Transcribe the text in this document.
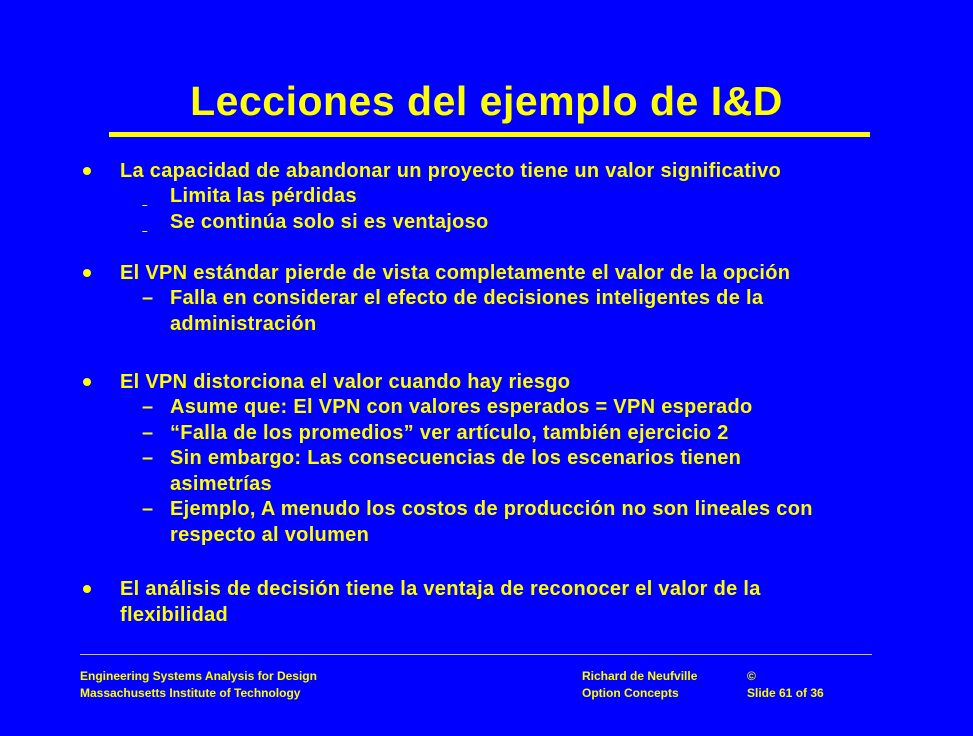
Lecciones del ejemplo de I&D
La capacidad de abandonar un proyecto tiene un valor significativo
– Limita las pérdidas
– Se continúa solo si es ventajoso
El VPN estándar pierde de vista completamente el valor de la opción
– Falla en considerar el efecto de decisiones inteligentes de la
administración
El VPN distorciona el valor cuando hay riesgo
– Asume que: El VPN con valores esperados = VPN esperado
– “Falla de los promedios” ver artículo, también ejercicio 2
– Sin embargo: Las consecuencias de los escenarios tienen
asimetrías
– Ejemplo, A menudo los costos de producción no son lineales con
respecto al volumen
El análisis de decisión tiene la ventaja de reconocer el valor de la
flexibilidad
Engineering Systems Analysis for Design
Massachusetts Institute of Technology
Richard de Neufville
Option Concepts
©
Slide 61 of 36
